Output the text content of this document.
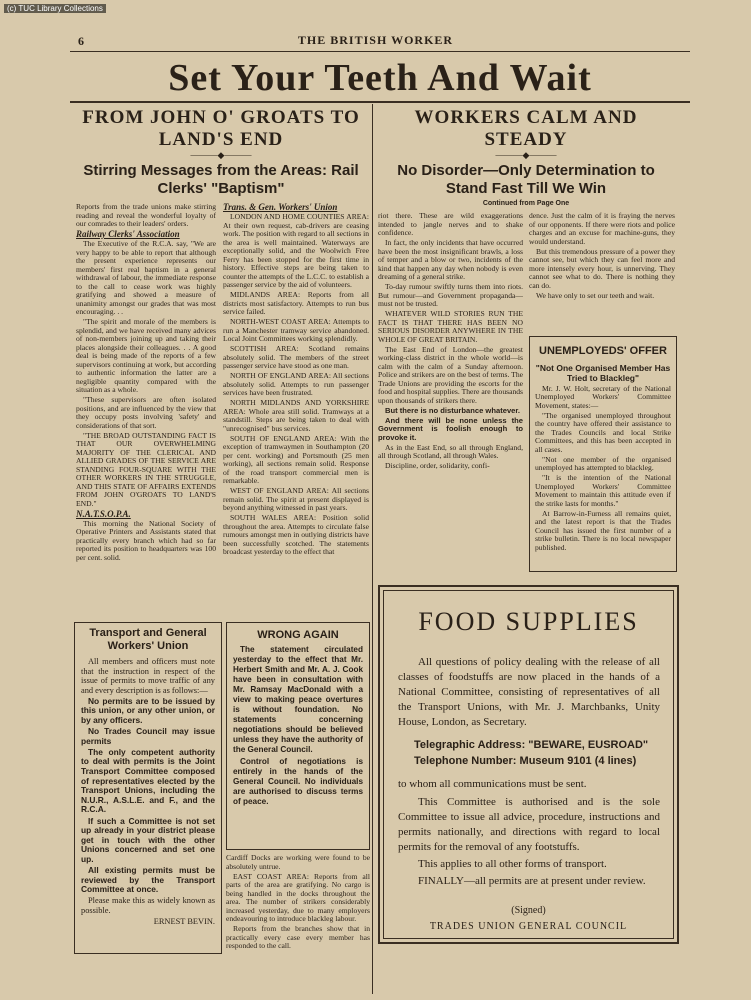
(c) TUC Library Collections
6	THE BRITISH WORKER
Set Your Teeth And Wait
FROM JOHN O' GROATS TO LAND'S END
———◆———
Stirring Messages from the Areas: Rail Clerks' "Baptism"

Reports from the trade unions make stirring reading and reveal the wonderful loyalty of our comrades to their leaders' orders.

Railway Clerks' Association

The Executive of the R.C.A. say, "We are very happy to be able to report that although the present experience represents our members' first real baptism in a general withdrawal of labour, the immediate response to the call to cease work was highly gratifying and showed a measure of unanimity amongst our grades that was most encouraging. . .

"The spirit and morale of the members is splendid, and we have received many advices of non-members joining up and taking their places alongside their colleagues. . . A good deal is being made of the reports of a few supervisors continuing at work, but according to authentic information the latter are a negligible quantity compared with the situation as a whole.

"These supervisors are often isolated positions, and are influenced by the view that they occupy posts involving 'safety' and considerations of that sort.

"THE BROAD OUTSTANDING FACT IS THAT OUR OVERWHELMING MAJORITY OF THE CLERICAL AND ALLIED GRADES OF THE SERVICE ARE STANDING FOUR-SQUARE WITH THE OTHER WORKERS IN THE STRUGGLE, AND THIS STATE OF AFFAIRS EXTENDS FROM JOHN O'GROATS TO LAND'S END."

N.A.T.S.O.P.A.

This morning the National Society of Operative Printers and Assistants stated that practically every branch which had so far reported its position to headquarters was 100 per cent. solid.

Trans. & Gen. Workers' Union

LONDON AND HOME COUNTIES AREA: At their own request, cab-drivers are ceasing work. The position with regard to all sections in the area is well maintained. Waterways are exceptionally solid, and the Woolwich Free Ferry has been stopped for the first time in history. Effective steps are being taken to counter the attempts of the L.C.C. to establish a passenger service by the aid of volunteers.

MIDLANDS AREA: Reports from all districts most satisfactory. Attempts to run bus service failed.

NORTH-WEST COAST AREA: Attempts to run a Manchester tramway service abandoned. Local Joint Committees working splendidly.

SCOTTISH AREA: Scotland remains absolutely solid. The members of the street passenger service have stood as one man.

NORTH OF ENGLAND AREA: All sections absolutely solid. Attempts to run passenger services have been frustrated.

NORTH MIDLANDS AND YORKSHIRE AREA: Whole area still solid. Tramways at a standstill. Steps are being taken to deal with "unrecognised" bus services.

SOUTH OF ENGLAND AREA: With the exception of tramwaymen in Southampton (20 per cent. working) and Portsmouth (25 men working), all sections remain solid. Response of the road transport commercial men is remarkable.

WEST OF ENGLAND AREA: All sections remain solid. The spirit at present displayed is beyond anything witnessed in past years.

SOUTH WALES AREA: Position solid throughout the area. Attempts to circulate false rumours amongst men in outlying districts have been successfully scotched. The statements broadcast yesterday to the effect that

Transport and General Workers' Union

All members and officers must note that the instruction in respect of the issue of permits to move traffic of any and every description is as follows:—

No permits are to be issued by this union, or any other union, or by any officers.

No Trades Council may issue permits

The only competent authority to deal with permits is the Joint Transport Committee composed of representatives elected by the Transport Unions, including the N.U.R., A.S.L.E. and F., and the R.C.A.

If such a Committee is not set up already in your district please get in touch with the other Unions concerned and set one up.

All existing permits must be reviewed by the Transport Committee at once.

Please make this as widely known as possible.

ERNEST BEVIN.

WRONG AGAIN

The statement circulated yesterday to the effect that Mr. Herbert Smith and Mr. A. J. Cook have been in consultation with Mr. Ramsay MacDonald with a view to making peace overtures is without foundation. No statements concerning negotiations should be believed unless they have the authority of the General Council.

Control of negotiations is entirely in the hands of the General Council. No individuals are authorised to discuss terms of peace.

Cardiff Docks are working were found to be absolutely untrue.

EAST COAST AREA: Reports from all parts of the area are gratifying. No cargo is being handled in the docks throughout the area. The number of strikers considerably increased yesterday, due to many employers endeavouring to introduce blackleg labour.

Reports from the branches show that in practically every case every member has responded to the call.

WORKERS CALM AND STEADY
———◆———
No Disorder—Only Determination to Stand Fast Till We Win
Continued from Page One

riot there. These are wild exaggerations intended to jangle nerves and to shake confidence.

In fact, the only incidents that have occurred have been the most insignificant brawls, a loss of temper and a blow or two, incidents of the kind that happen any day when nobody is even dreaming of a general strike.

To-day rumour swiftly turns them into riots. But rumour—and Government propaganda—must not be trusted.

WHATEVER WILD STORIES RUN THE FACT IS THAT THERE HAS BEEN NO SERIOUS DISORDER ANYWHERE IN THE WHOLE OF GREAT BRITAIN.

The East End of London—the greatest working-class district in the whole world—is calm with the calm of a Sunday afternoon. Police and strikers are on the best of terms. The Trade Unions are providing the escorts for the food and hospital supplies. There are thousands upon thousands of strikers there.

But there is no disturbance whatever.

And there will be none unless the Government is foolish enough to provoke it.

As in the East End, so all through England, all through Scotland, all through Wales.

Discipline, order, solidarity, confi-

dence. Just the calm of it is fraying the nerves of our opponents. If there were riots and police charges and an excuse for machine-guns, they would understand.

But this tremendous pressure of a power they cannot see, but which they can feel more and more intensely every hour, is unnerving. They cannot see what to do. There is nothing they can do.

We have only to set our teeth and wait.

UNEMPLOYEDS' OFFER

"Not One Organised Member Has Tried to Blackleg"

Mr. J. W. Holt, secretary of the National Unemployed Workers' Committee Movement, states:—

"The organised unemployed throughout the country have offered their assistance to the Trades Councils and local Strike Committees, and this has been accepted in all cases.

"Not one member of the organised unemployed has attempted to blackleg.

"It is the intention of the National Unemployed Workers' Committee Movement to maintain this attitude even if the strike lasts for months."

At Barrow-in-Furness all remains quiet, and the latest report is that the Trades Council has issued the first number of a strike bulletin. There is no local newspaper published.

FOOD SUPPLIES
All questions of policy dealing with the release of all classes of foodstuffs are now placed in the hands of a National Committee, consisting of representatives of all the Transport Unions, with Mr. J. Marchbanks, Unity House, London, as Secretary.
Telegraphic Address: "BEWARE, EUSROAD"
Telephone Number: Museum 9101 (4 lines)
to whom all communications must be sent.
This Committee is authorised and is the sole Committee to issue all advice, procedure, instructions and permits nationally, and directions with regard to local permits for the removal of any footstuffs.
This applies to all other forms of transport.
FINALLY—all permits are at present under review.
(Signed)
TRADES UNION GENERAL COUNCIL
